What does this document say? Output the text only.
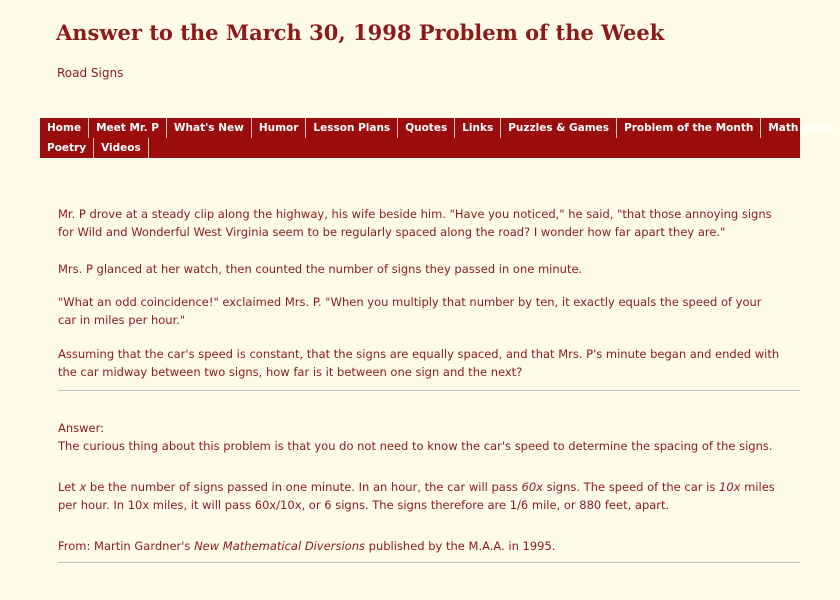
Answer to the March 30, 1998 Problem of the Week
Road Signs
Home	Meet Mr. P	What's New	Humor	Lesson Plans	Quotes	Links	Puzzles & Games	Problem of the Month	Math Facts
Poetry	Videos

Mr. P drove at a steady clip along the highway, his wife beside him. "Have you noticed," he said, "that those annoying signs

for Wild and Wonderful West Virginia seem to be regularly spaced along the road? I wonder how far apart they are."

Mrs. P glanced at her watch, then counted the number of signs they passed in one minute.

"What an odd coincidence!" exclaimed Mrs. P. "When you multiply that number by ten, it exactly equals the speed of your

car in miles per hour."

Assuming that the car's speed is constant, that the signs are equally spaced, and that Mrs. P's minute began and ended with

the car midway between two signs, how far is it between one sign and the next?

Answer:

The curious thing about this problem is that you do not need to know the car's speed to determine the spacing of the signs.

Let x be the number of signs passed in one minute. In an hour, the car will pass 60x signs. The speed of the car is 10x miles

per hour. In 10x miles, it will pass 60x/10x, or 6 signs. The signs therefore are 1/6 mile, or 880 feet, apart.

From: Martin Gardner's New Mathematical Diversions published by the M.A.A. in 1995.
